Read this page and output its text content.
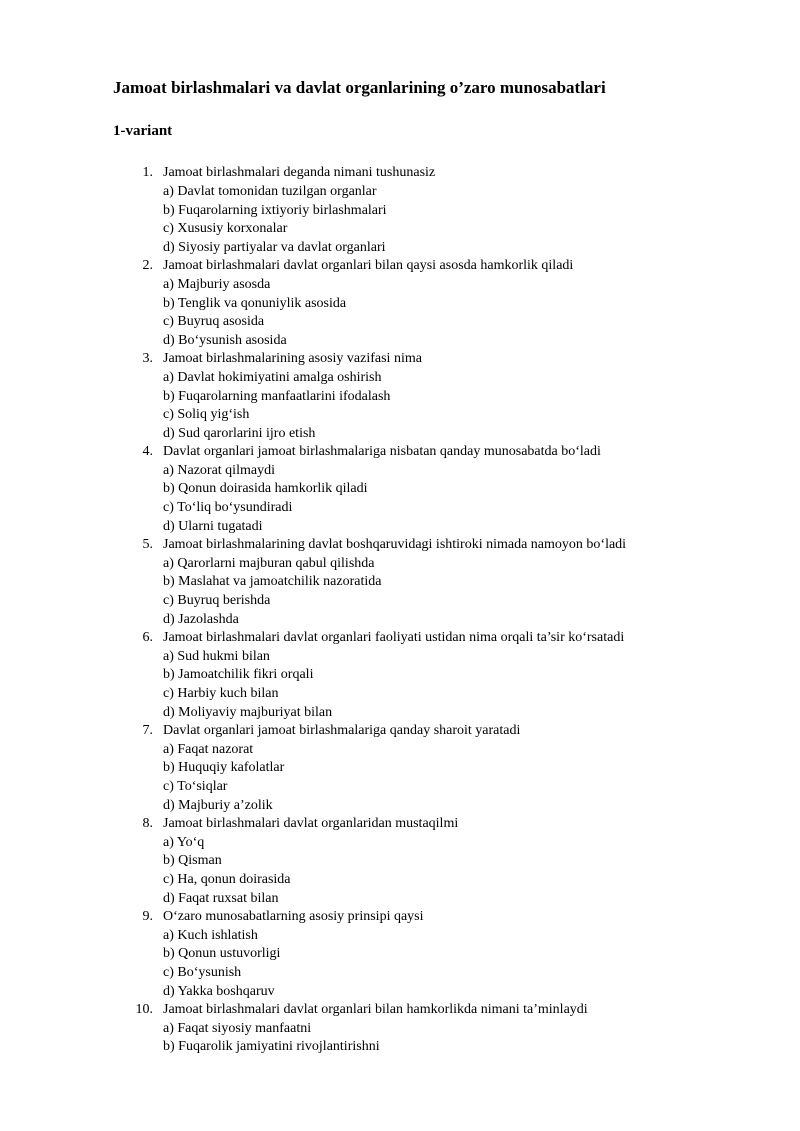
Jamoat birlashmalari va davlat organlarining o’zaro munosabatlari
1-variant
1. Jamoat birlashmalari deganda nimani tushunasiz
a) Davlat tomonidan tuzilgan organlar
b) Fuqarolarning ixtiyoriy birlashmalari
c) Xususiy korxonalar
d) Siyosiy partiyalar va davlat organlari
2. Jamoat birlashmalari davlat organlari bilan qaysi asosda hamkorlik qiladi
a) Majburiy asosda
b) Tenglik va qonuniylik asosida
c) Buyruq asosida
d) Bo‘ysunish asosida
3. Jamoat birlashmalarining asosiy vazifasi nima
a) Davlat hokimiyatini amalga oshirish
b) Fuqarolarning manfaatlarini ifodalash
c) Soliq yig‘ish
d) Sud qarorlarini ijro etish
4. Davlat organlari jamoat birlashmalariga nisbatan qanday munosabatda bo‘ladi
a) Nazorat qilmaydi
b) Qonun doirasida hamkorlik qiladi
c) To‘liq bo‘ysundiradi
d) Ularni tugatadi
5. Jamoat birlashmalarining davlat boshqaruvidagi ishtiroki nimada namoyon bo‘ladi
a) Qarorlarni majburan qabul qilishda
b) Maslahat va jamoatchilik nazoratida
c) Buyruq berishda
d) Jazolashda
6. Jamoat birlashmalari davlat organlari faoliyati ustidan nima orqali ta’sir ko‘rsatadi
a) Sud hukmi bilan
b) Jamoatchilik fikri orqali
c) Harbiy kuch bilan
d) Moliyaviy majburiyat bilan
7. Davlat organlari jamoat birlashmalariga qanday sharoit yaratadi
a) Faqat nazorat
b) Huquqiy kafolatlar
c) To‘siqlar
d) Majburiy a’zolik
8. Jamoat birlashmalari davlat organlaridan mustaqilmi
a) Yo‘q
b) Qisman
c) Ha, qonun doirasida
d) Faqat ruxsat bilan
9. O‘zaro munosabatlarning asosiy prinsipi qaysi
a) Kuch ishlatish
b) Qonun ustuvorligi
c) Bo‘ysunish
d) Yakka boshqaruv
10. Jamoat birlashmalari davlat organlari bilan hamkorlikda nimani ta’minlaydi
a) Faqat siyosiy manfaatni
b) Fuqarolik jamiyatini rivojlantirishni
